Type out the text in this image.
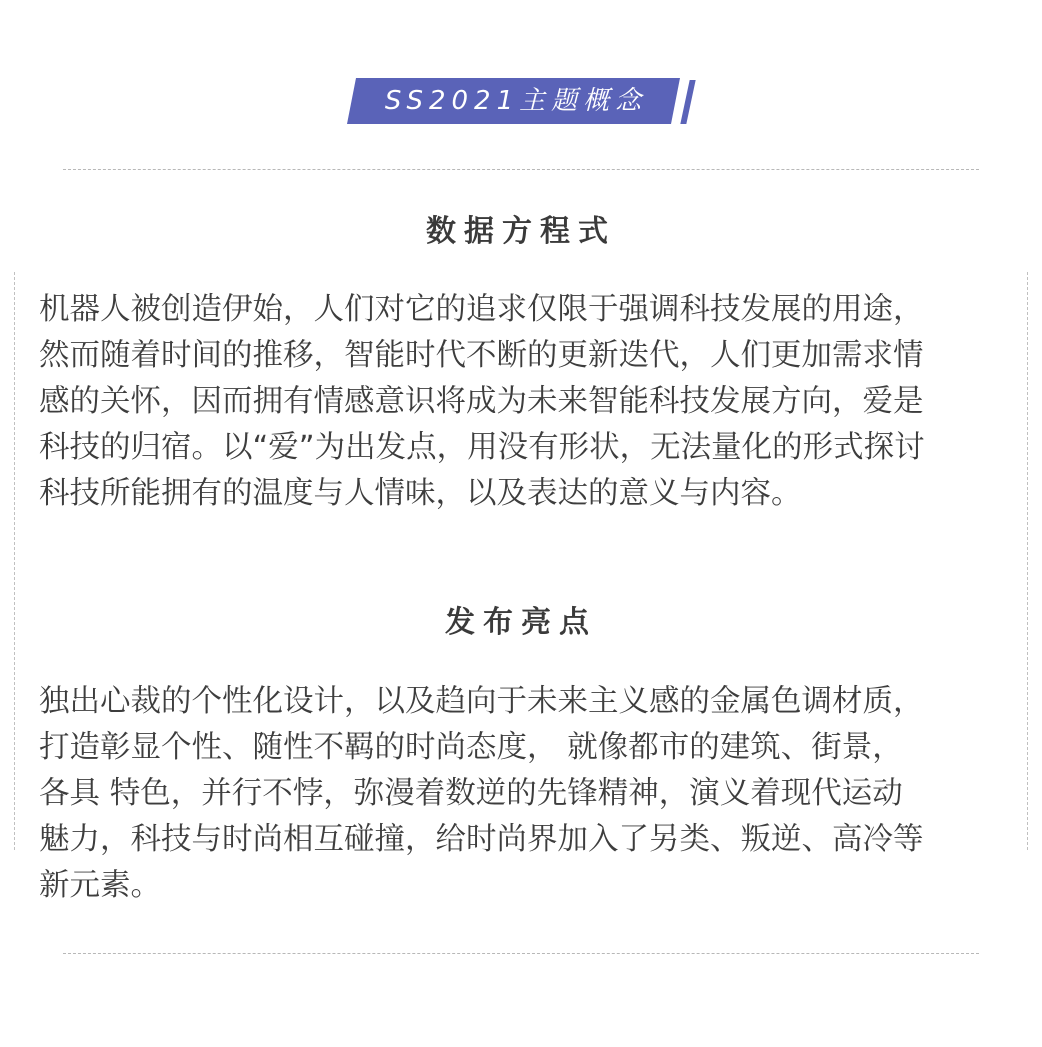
SS2021主题概念
数据方程式
机器人被创造伊始，人们对它的追求仅限于强调科技发展的用途，
然而随着时间的推移，智能时代不断的更新迭代，人们更加需求情
感的关怀，因而拥有情感意识将成为未来智能科技发展方向，爱是
科技的归宿。以“爱”为出发点，用没有形状，无法量化的形式探讨
科技所能拥有的温度与人情味，以及表达的意义与内容。
发布亮点
独出心裁的个性化设计，以及趋向于未来主义感的金属色调材质，
打造彰显个性、随性不羁的时尚态度， 就像都市的建筑、街景，
各具 特色，并行不悖，弥漫着数逆的先锋精神，演义着现代运动
魅力，科技与时尚相互碰撞，给时尚界加入了另类、叛逆、高冷等
新元素。
